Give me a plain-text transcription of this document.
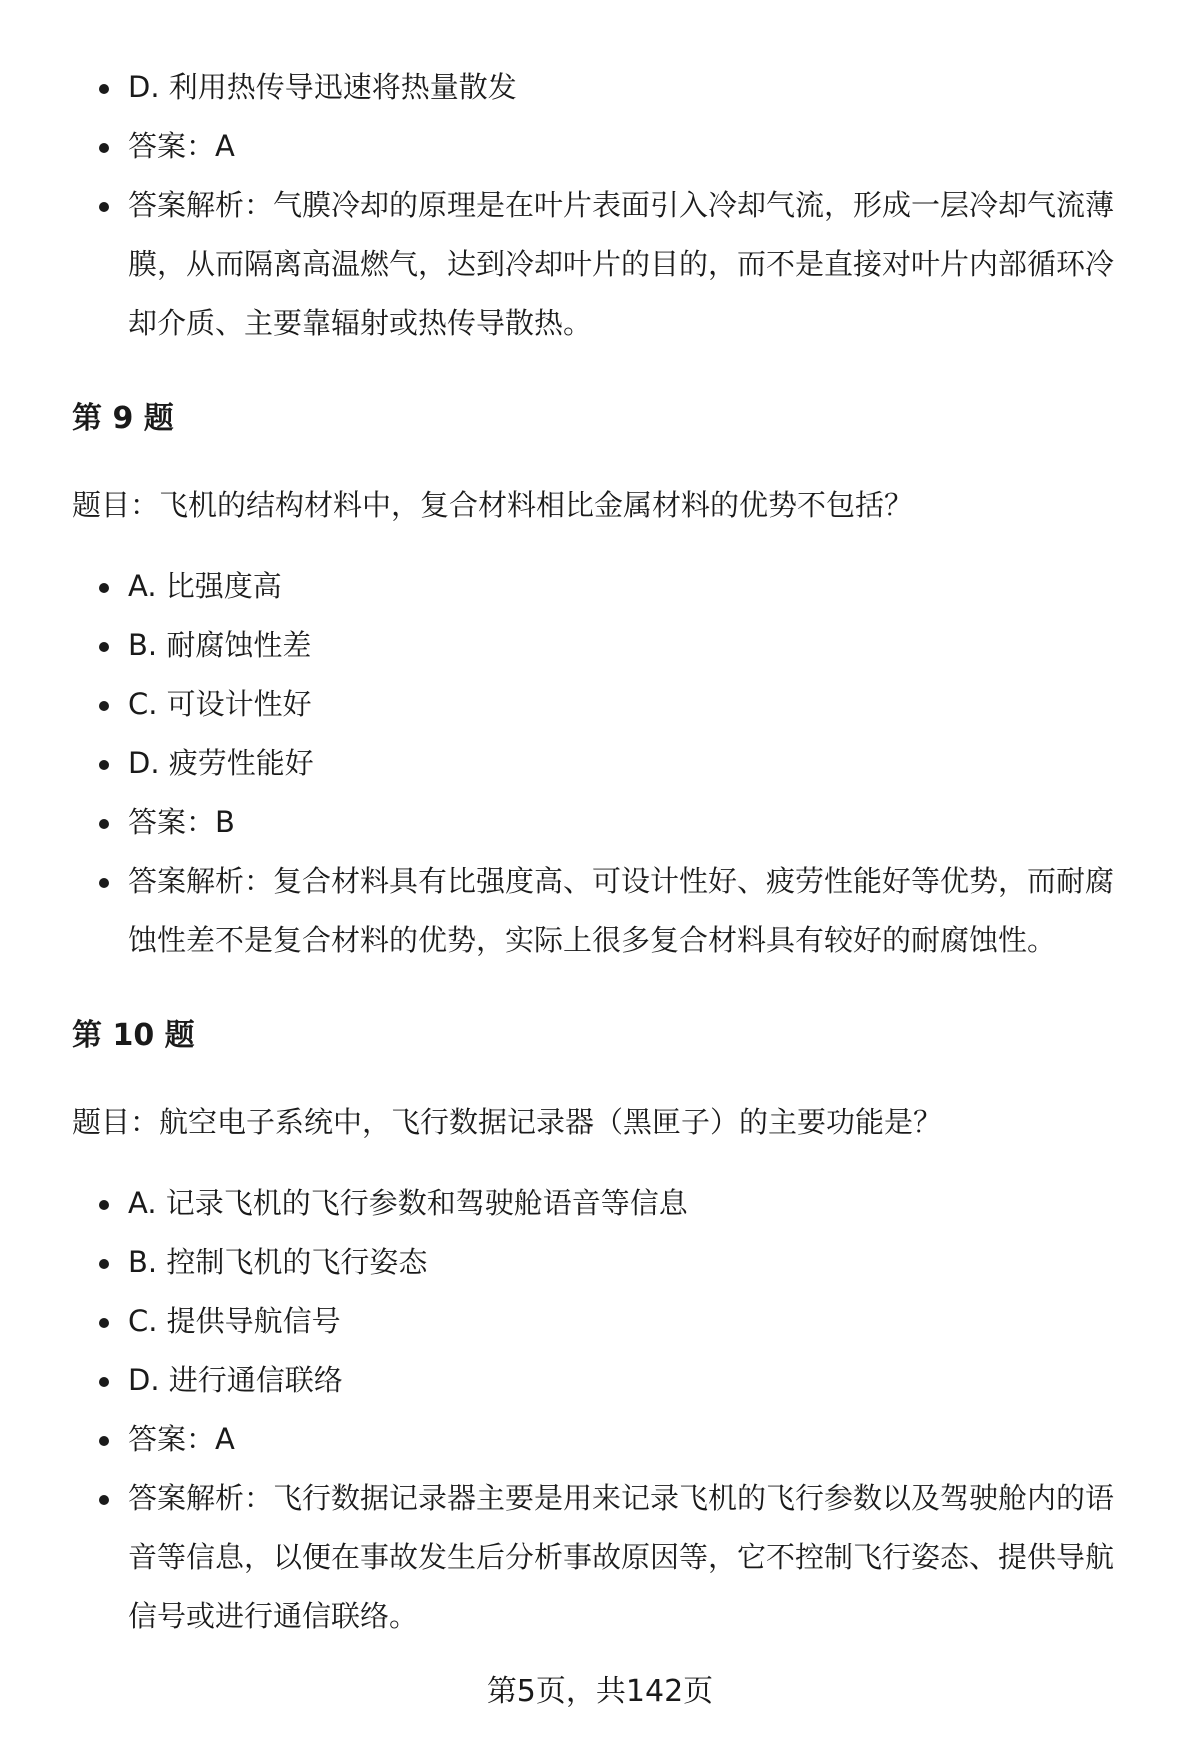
D. 利用热传导迅速将热量散发
答案：A
答案解析：气膜冷却的原理是在叶片表面引入冷却气流，形成一层冷却气流薄膜，从而隔离高温燃气，达到冷却叶片的目的，而不是直接对叶片内部循环冷却介质、主要靠辐射或热传导散热。

第 9 题

题目：飞机的结构材料中，复合材料相比金属材料的优势不包括？

A. 比强度高
B. 耐腐蚀性差
C. 可设计性好
D. 疲劳性能好
答案：B
答案解析：复合材料具有比强度高、可设计性好、疲劳性能好等优势，而耐腐蚀性差不是复合材料的优势，实际上很多复合材料具有较好的耐腐蚀性。

第 10 题

题目：航空电子系统中，飞行数据记录器（黑匣子）的主要功能是？

A. 记录飞机的飞行参数和驾驶舱语音等信息
B. 控制飞机的飞行姿态
C. 提供导航信号
D. 进行通信联络
答案：A
答案解析：飞行数据记录器主要是用来记录飞机的飞行参数以及驾驶舱内的语音等信息，以便在事故发生后分析事故原因等，它不控制飞行姿态、提供导航信号或进行通信联络。
第5页，共142页
